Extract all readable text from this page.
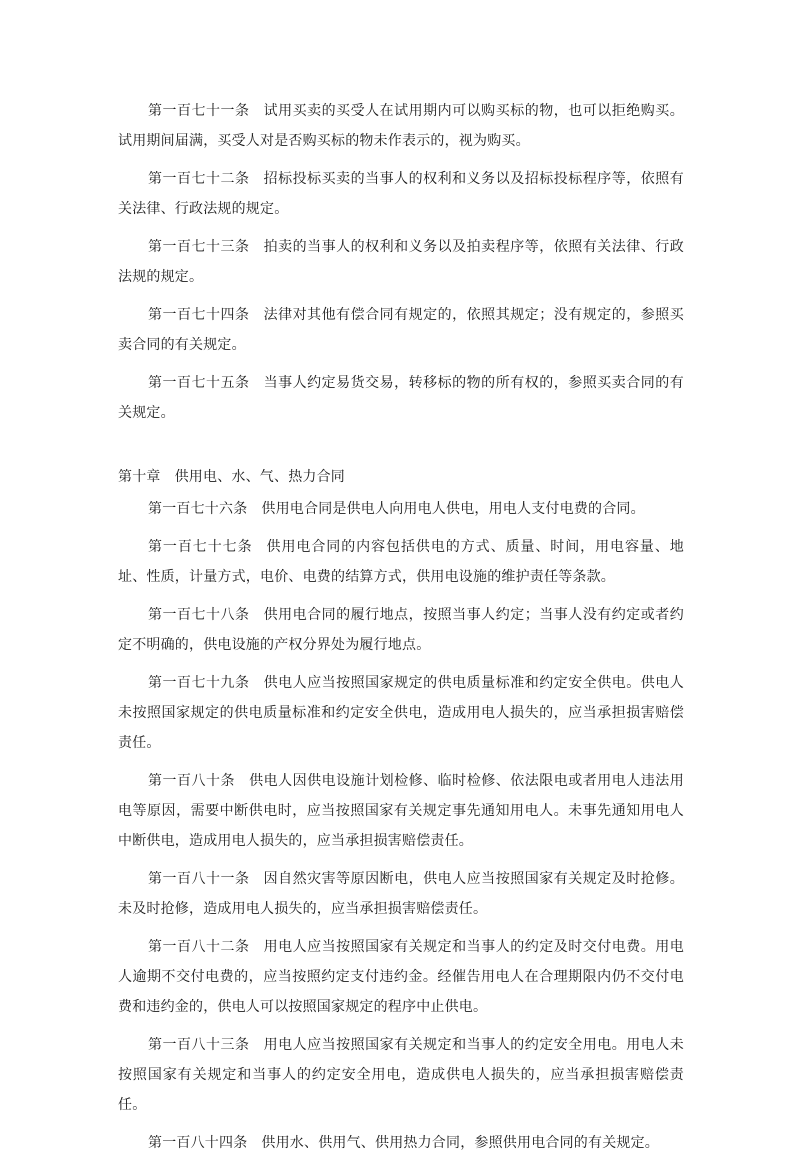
第一百七十一条 试用买卖的买受人在试用期内可以购买标的物，也可以拒绝购买。试用期间届满，买受人对是否购买标的物未作表示的，视为购买。

第一百七十二条 招标投标买卖的当事人的权利和义务以及招标投标程序等，依照有关法律、行政法规的规定。

第一百七十三条 拍卖的当事人的权利和义务以及拍卖程序等，依照有关法律、行政法规的规定。

第一百七十四条 法律对其他有偿合同有规定的，依照其规定；没有规定的，参照买卖合同的有关规定。

第一百七十五条 当事人约定易货交易，转移标的物的所有权的，参照买卖合同的有关规定。

第十章 供用电、水、气、热力合同

第一百七十六条 供用电合同是供电人向用电人供电，用电人支付电费的合同。

第一百七十七条 供用电合同的内容包括供电的方式、质量、时间，用电容量、地址、性质，计量方式，电价、电费的结算方式，供用电设施的维护责任等条款。

第一百七十八条 供用电合同的履行地点，按照当事人约定；当事人没有约定或者约定不明确的，供电设施的产权分界处为履行地点。

第一百七十九条 供电人应当按照国家规定的供电质量标准和约定安全供电。供电人未按照国家规定的供电质量标准和约定安全供电，造成用电人损失的，应当承担损害赔偿责任。

第一百八十条 供电人因供电设施计划检修、临时检修、依法限电或者用电人违法用电等原因，需要中断供电时，应当按照国家有关规定事先通知用电人。未事先通知用电人中断供电，造成用电人损失的，应当承担损害赔偿责任。

第一百八十一条 因自然灾害等原因断电，供电人应当按照国家有关规定及时抢修。未及时抢修，造成用电人损失的，应当承担损害赔偿责任。

第一百八十二条 用电人应当按照国家有关规定和当事人的约定及时交付电费。用电人逾期不交付电费的，应当按照约定支付违约金。经催告用电人在合理期限内仍不交付电费和违约金的，供电人可以按照国家规定的程序中止供电。

第一百八十三条 用电人应当按照国家有关规定和当事人的约定安全用电。用电人未按照国家有关规定和当事人的约定安全用电，造成供电人损失的，应当承担损害赔偿责任。

第一百八十四条 供用水、供用气、供用热力合同，参照供用电合同的有关规定。
